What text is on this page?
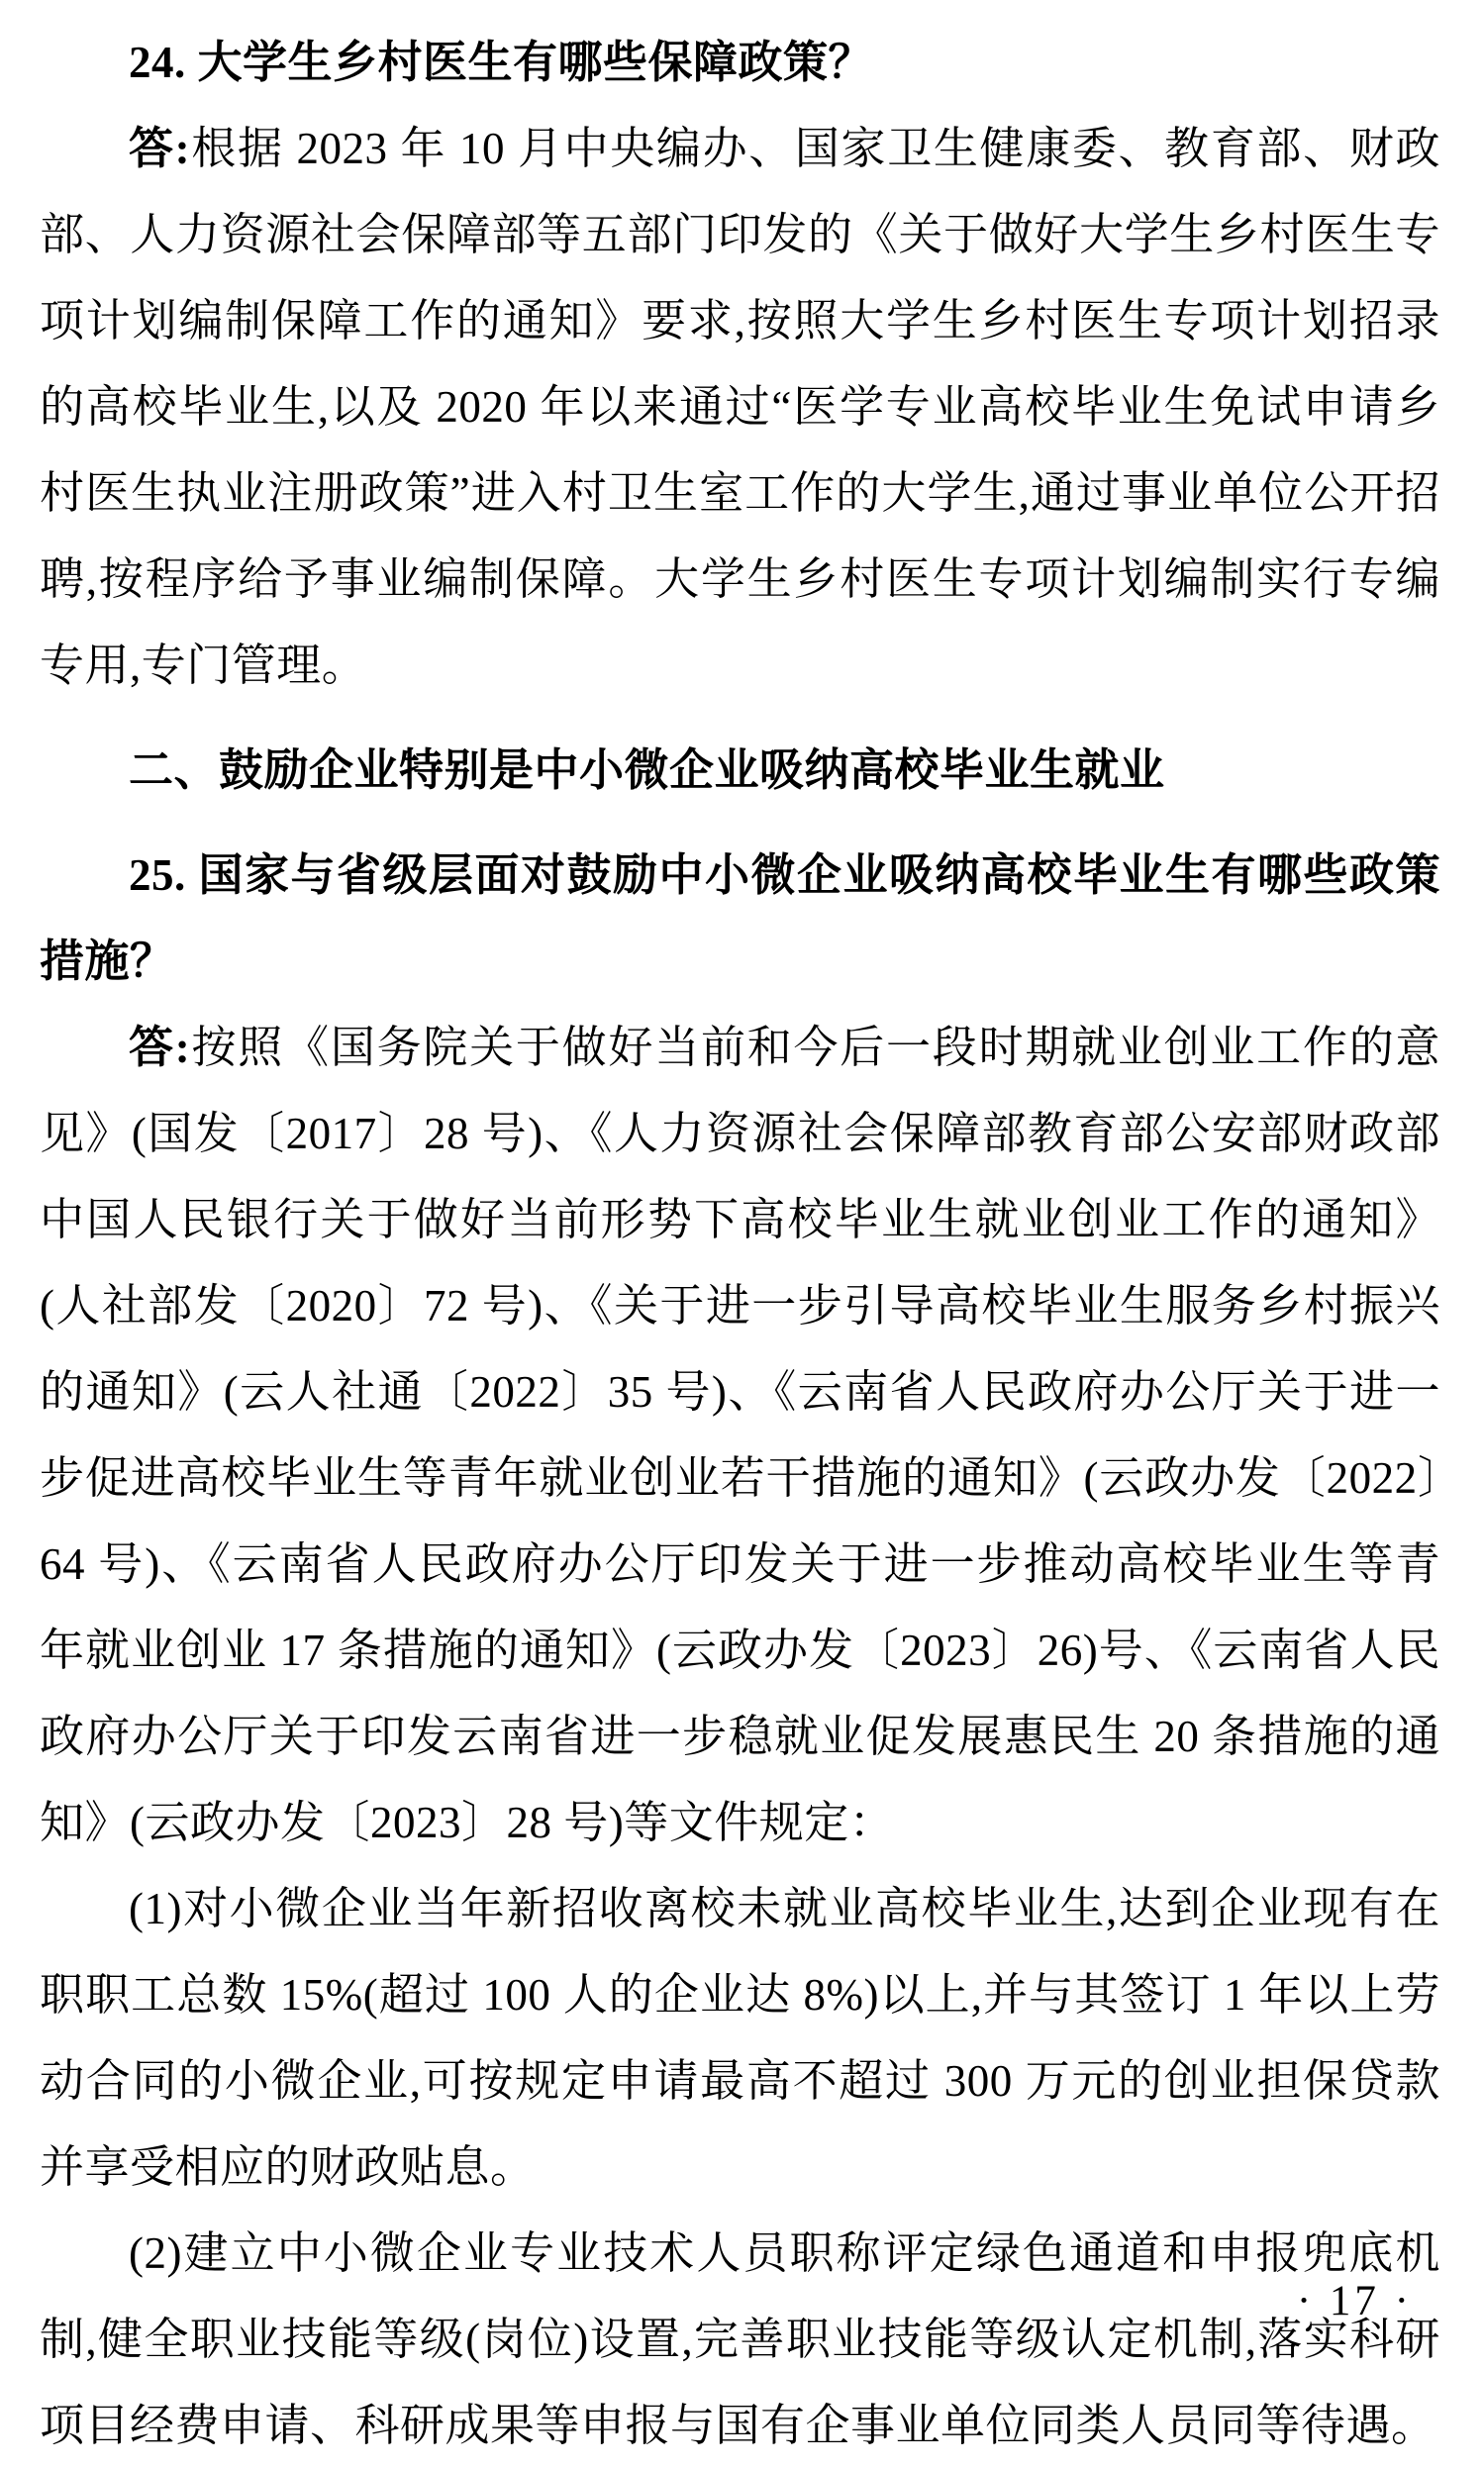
24. 大学生乡村医生有哪些保障政策？

答:根据 2023 年 10 月中央编办、国家卫生健康委、教育部、财政部、人力资源社会保障部等五部门印发的《关于做好大学生乡村医生专项计划编制保障工作的通知》要求,按照大学生乡村医生专项计划招录的高校毕业生,以及 2020 年以来通过“医学专业高校毕业生免试申请乡村医生执业注册政策”进入村卫生室工作的大学生,通过事业单位公开招聘,按程序给予事业编制保障。大学生乡村医生专项计划编制实行专编专用,专门管理。

二、鼓励企业特别是中小微企业吸纳高校毕业生就业

25. 国家与省级层面对鼓励中小微企业吸纳高校毕业生有哪些政策措施？

答:按照《国务院关于做好当前和今后一段时期就业创业工作的意见》(国发〔2017〕28 号)、《人力资源社会保障部教育部公安部财政部中国人民银行关于做好当前形势下高校毕业生就业创业工作的通知》(人社部发〔2020〕72 号)、《关于进一步引导高校毕业生服务乡村振兴的通知》(云人社通〔2022〕35 号)、《云南省人民政府办公厅关于进一步促进高校毕业生等青年就业创业若干措施的通知》(云政办发〔2022〕64 号)、《云南省人民政府办公厅印发关于进一步推动高校毕业生等青年就业创业 17 条措施的通知》(云政办发〔2023〕26)号、《云南省人民政府办公厅关于印发云南省进一步稳就业促发展惠民生 20 条措施的通知》(云政办发〔2023〕28 号)等文件规定：

(1)对小微企业当年新招收离校未就业高校毕业生,达到企业现有在职职工总数 15%(超过 100 人的企业达 8%)以上,并与其签订 1 年以上劳动合同的小微企业,可按规定申请最高不超过 300 万元的创业担保贷款并享受相应的财政贴息。

(2)建立中小微企业专业技术人员职称评定绿色通道和申报兜底机制,健全职业技能等级(岗位)设置,完善职业技能等级认定机制,落实科研项目经费申请、科研成果等申报与国有企事业单位同类人员同等待遇。

· 17 ·
